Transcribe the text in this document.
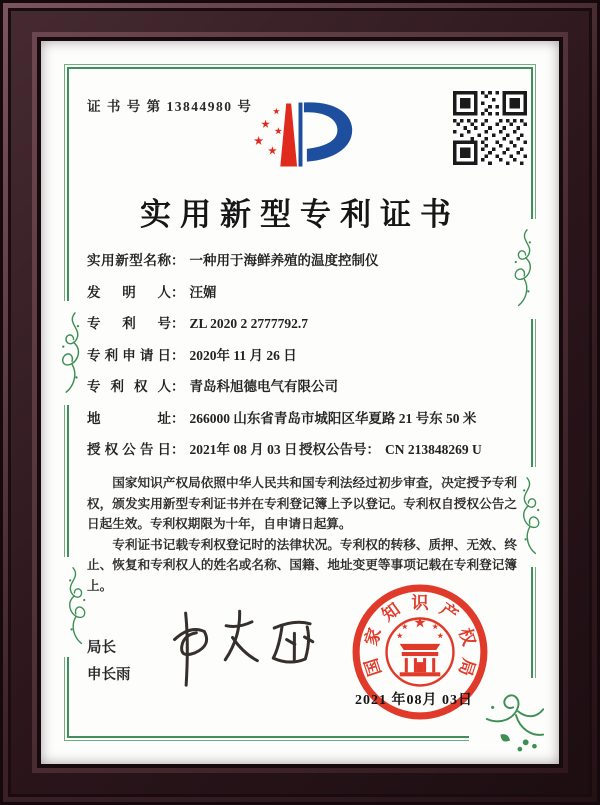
证 书 号 第 13844980 号
实用新型专利证书
实用新型名称： 一种用于海鲜养殖的温度控制仪
发 明 人： 汪媚
专 利 号： ZL 2020 2 2777792.7
专利申请日： 2020年 11 月 26 日
专 利 权 人： 青岛科旭德电气有限公司
地 址： 266000 山东省青岛市城阳区华夏路 21 号东 50 米
授权公告日： 2021年 08 月 03 日 授权公告号： CN 213848269 U

国家知识产权局依照中华人民共和国专利法经过初步审查，决定授予专利权，颁发实用新型专利证书并在专利登记簿上予以登记。专利权自授权公告之日起生效。专利权期限为十年，自申请日起算。

专利证书记载专利权登记时的法律状况。专利权的转移、质押、无效、终止、恢复和专利权人的姓名或名称、国籍、地址变更等事项记载在专利登记簿上。

局长
申长雨	国
家
知 识 产
权
局
2021 年08月 03日
